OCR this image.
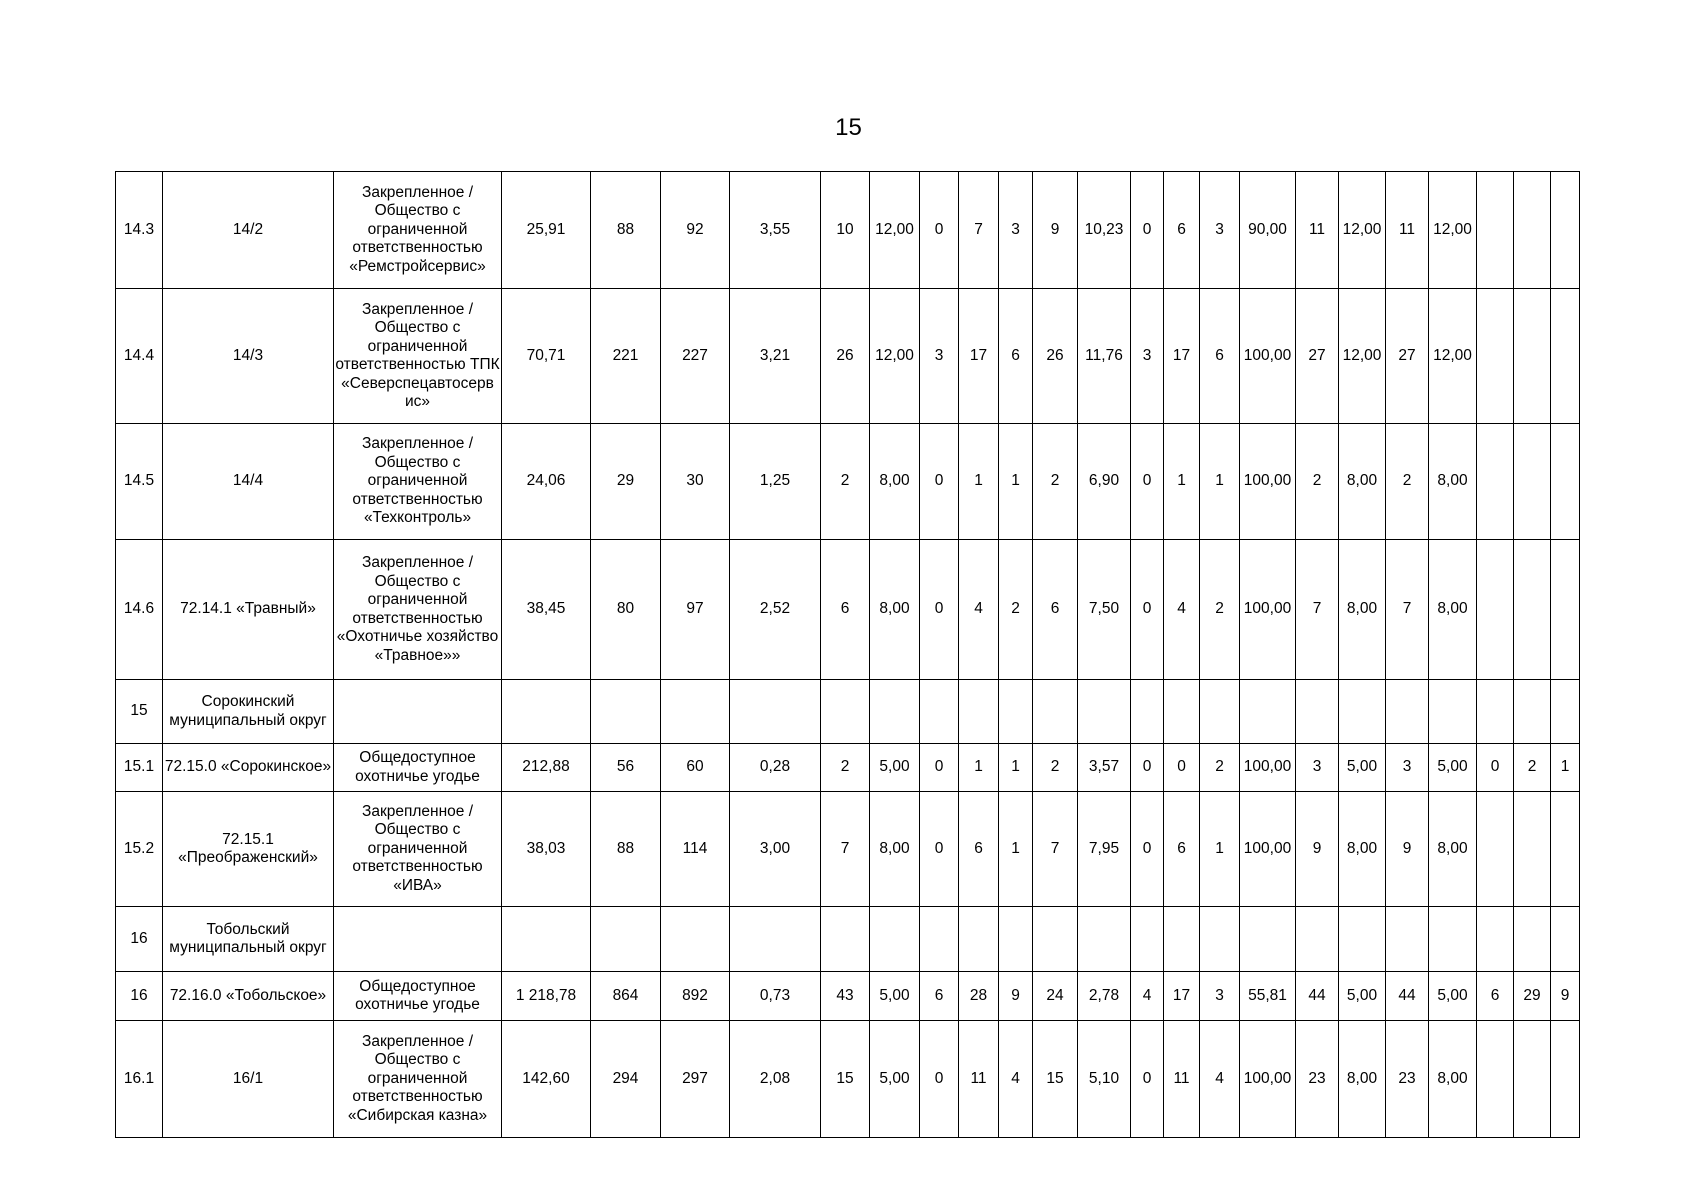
15
14.3	14/2	Закрепленное / Общество с ограниченной ответственностью «Ремстройсервис»	25,91	88	92	3,55	10	12,00	0	7	3	9	10,23	0	6	3	90,00	11	12,00	11	12,00			
14.4	14/3	Закрепленное / Общество с ограниченной ответственностью ТПК «Северспецавтосерв ис»	70,71	221	227	3,21	26	12,00	3	17	6	26	11,76	3	17	6	100,00	27	12,00	27	12,00			
14.5	14/4	Закрепленное / Общество с ограниченной ответственностью «Техконтроль»	24,06	29	30	1,25	2	8,00	0	1	1	2	6,90	0	1	1	100,00	2	8,00	2	8,00			
14.6	72.14.1 «Травный»	Закрепленное / Общество с ограниченной ответственностью «Охотничье хозяйство «Травное»»	38,45	80	97	2,52	6	8,00	0	4	2	6	7,50	0	4	2	100,00	7	8,00	7	8,00			
15	Сорокинский муниципальный округ																							
15.1	72.15.0 «Сорокинское»	Общедоступное охотничье угодье	212,88	56	60	0,28	2	5,00	0	1	1	2	3,57	0	0	2	100,00	3	5,00	3	5,00	0	2	1
15.2	72.15.1 «Преображенский»	Закрепленное / Общество с ограниченной ответственностью «ИВА»	38,03	88	114	3,00	7	8,00	0	6	1	7	7,95	0	6	1	100,00	9	8,00	9	8,00			
16	Тобольский муниципальный округ																							
16	72.16.0 «Тобольское»	Общедоступное охотничье угодье	1 218,78	864	892	0,73	43	5,00	6	28	9	24	2,78	4	17	3	55,81	44	5,00	44	5,00	6	29	9
16.1	16/1	Закрепленное / Общество с ограниченной ответственностью «Сибирская казна»	142,60	294	297	2,08	15	5,00	0	11	4	15	5,10	0	11	4	100,00	23	8,00	23	8,00			
